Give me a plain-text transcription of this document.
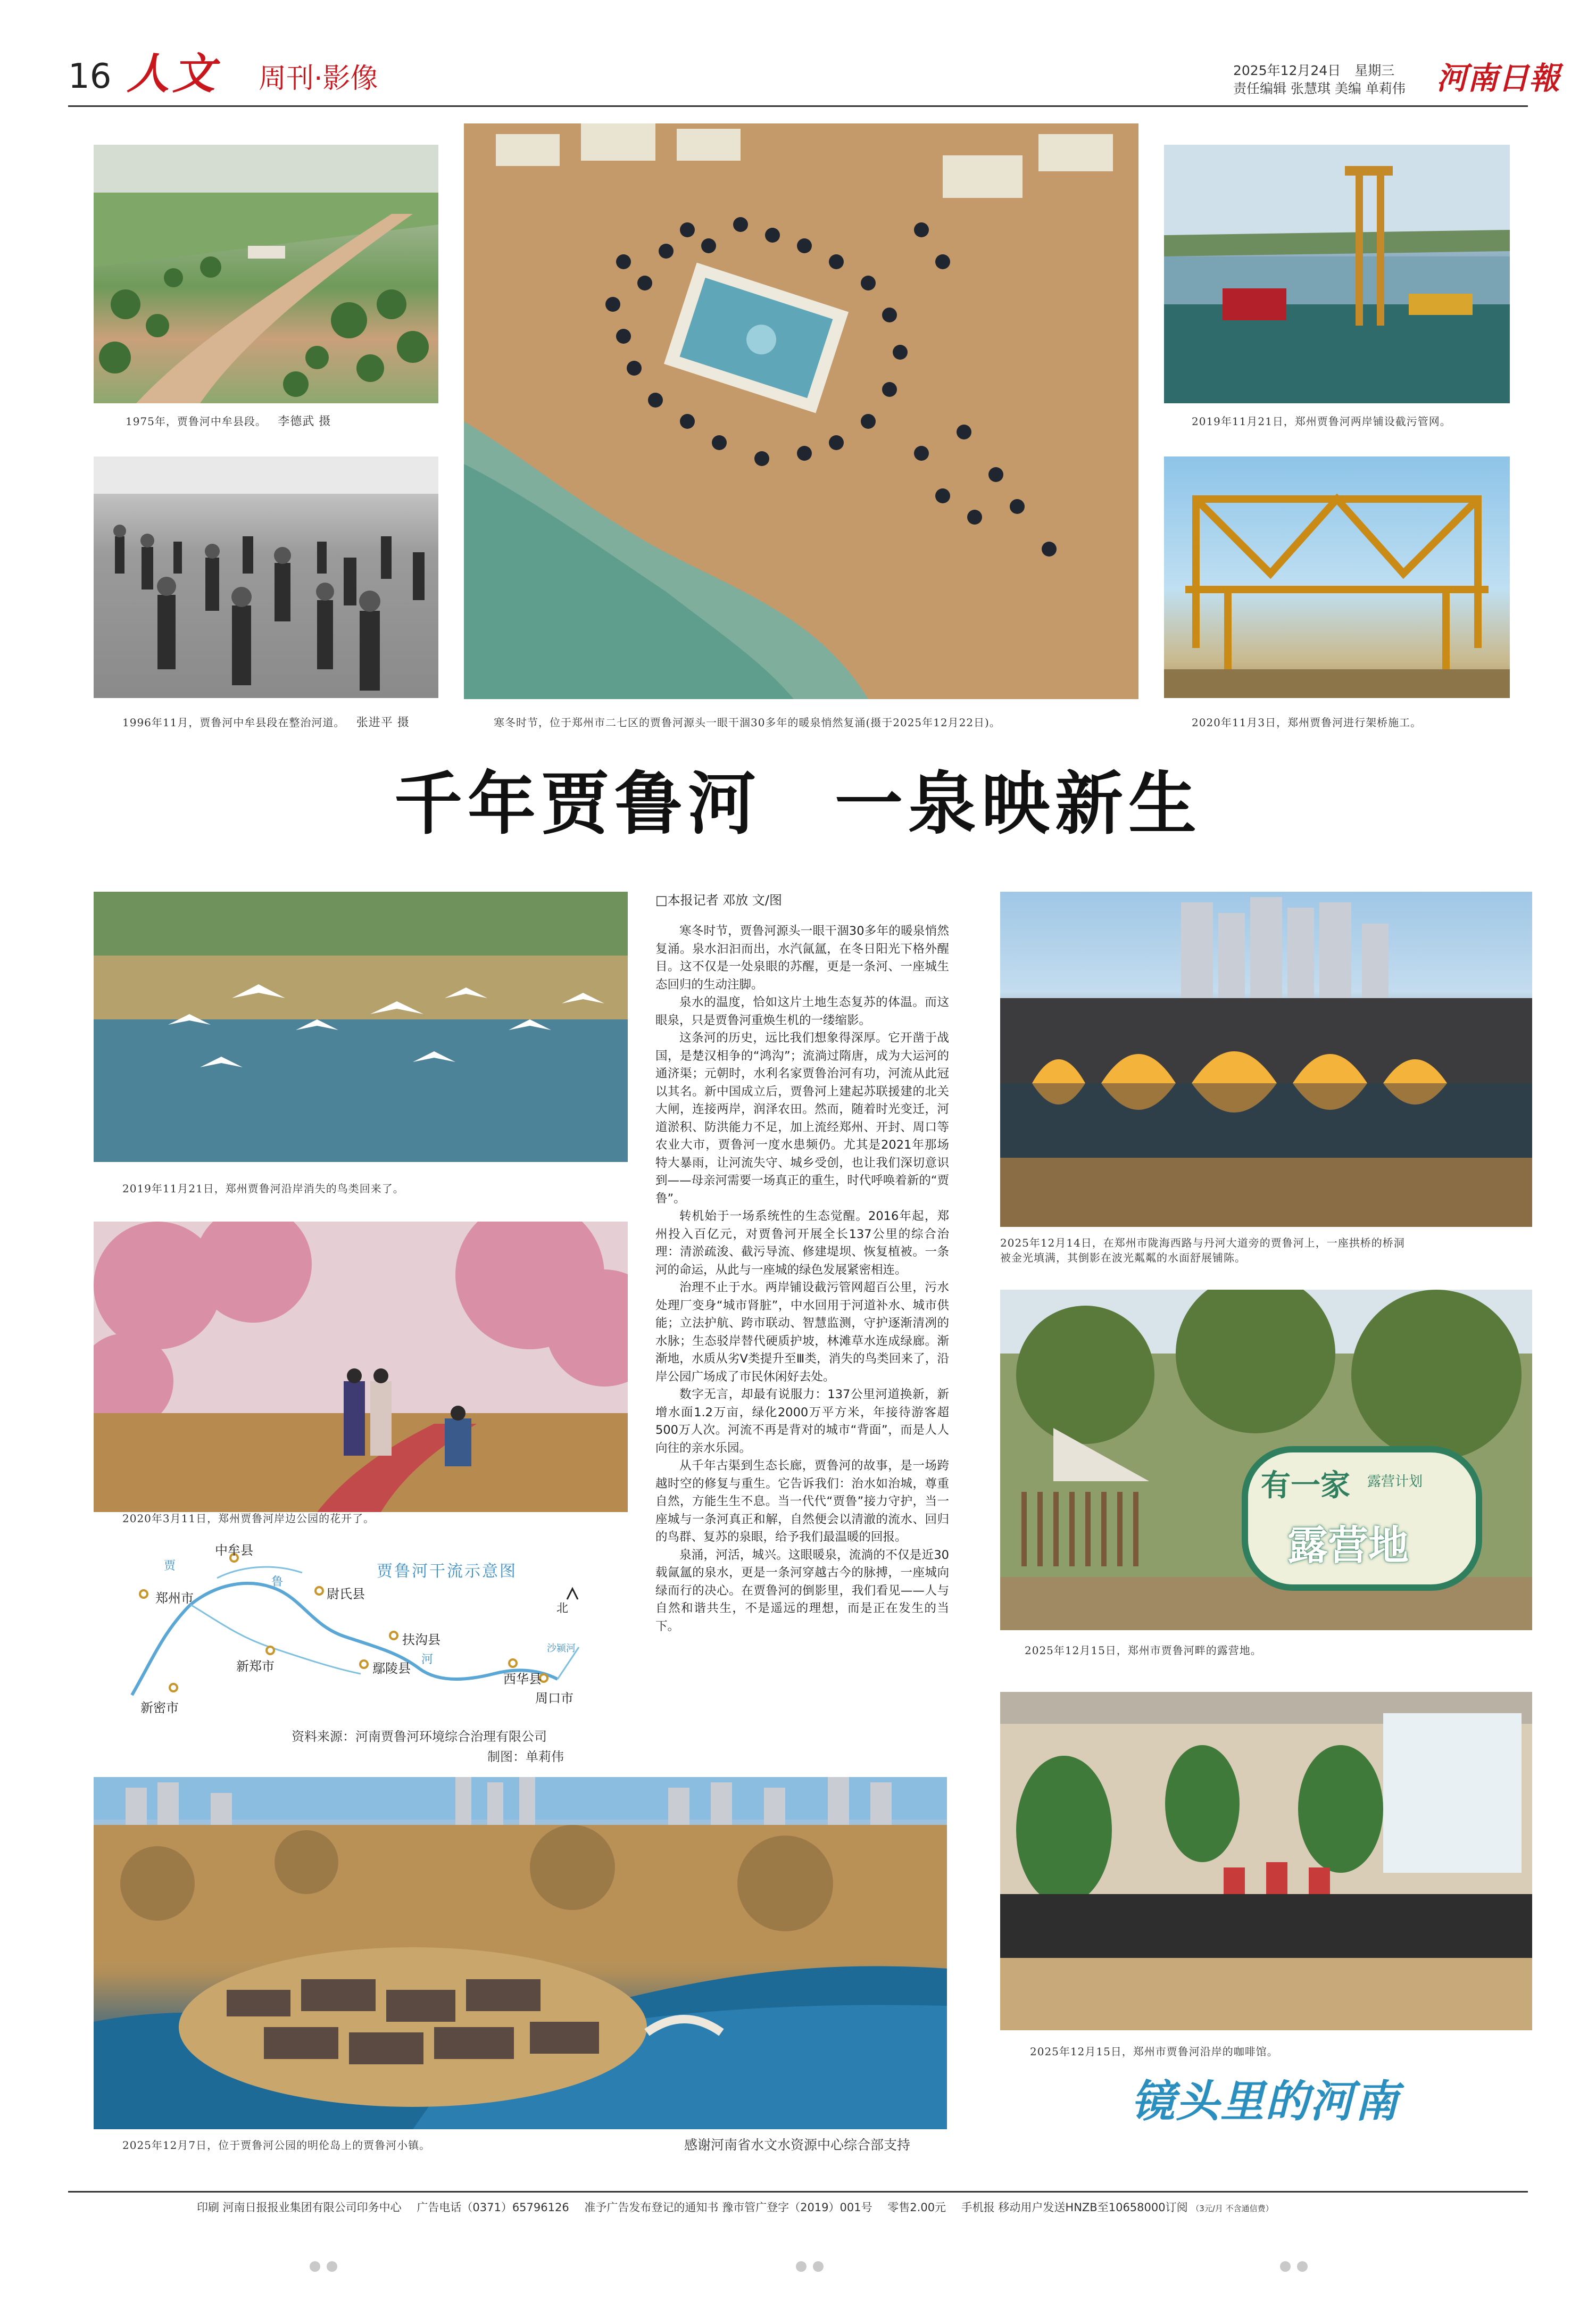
16 人文 周刊·影像	2025年12月24日 星期三
责任编辑 张慧琪 美编 单莉伟 河南日報
1975年，贾鲁河中牟县段。 李德武 摄
1996年11月，贾鲁河中牟县段在整治河道。 张进平 摄	寒冬时节，位于郑州市二七区的贾鲁河源头一眼干涸30多年的暖泉悄然复涌(摄于2025年12月22日)。
2019年11月21日，郑州贾鲁河两岸铺设截污管网。
2020年11月3日，郑州贾鲁河进行架桥施工。
千年贾鲁河　一泉映新生
2019年11月21日，郑州贾鲁河沿岸消失的鸟类回来了。
2020年3月11日，郑州贾鲁河岸边公园的花开了。
贾鲁河干流示意图
贾
鲁
河
郑州市
中牟县
尉氏县
扶沟县
鄢陵县
西华县
周口市
新郑市
新密市
沙颍河
北
资料来源：河南贾鲁河环境综合治理有限公司
制图：单莉伟
□本报记者 邓放 文/图

寒冬时节，贾鲁河源头一眼干涸30多年的暖泉悄然复涌。泉水汩汩而出，水汽氤氲，在冬日阳光下格外醒目。这不仅是一处泉眼的苏醒，更是一条河、一座城生态回归的生动注脚。

泉水的温度，恰如这片土地生态复苏的体温。而这眼泉，只是贾鲁河重焕生机的一缕缩影。

这条河的历史，远比我们想象得深厚。它开凿于战国，是楚汉相争的“鸿沟”；流淌过隋唐，成为大运河的通济渠；元朝时，水利名家贾鲁治河有功，河流从此冠以其名。新中国成立后，贾鲁河上建起苏联援建的北关大闸，连接两岸，润泽农田。然而，随着时光变迁，河道淤积、防洪能力不足，加上流经郑州、开封、周口等农业大市，贾鲁河一度水患频仍。尤其是2021年那场特大暴雨，让河流失守、城乡受创，也让我们深切意识到——母亲河需要一场真正的重生，时代呼唤着新的“贾鲁”。

转机始于一场系统性的生态觉醒。2016年起，郑州投入百亿元，对贾鲁河开展全长137公里的综合治理：清淤疏浚、截污导流、修建堤坝、恢复植被。一条河的命运，从此与一座城的绿色发展紧密相连。

治理不止于水。两岸铺设截污管网超百公里，污水处理厂变身“城市肾脏”，中水回用于河道补水、城市供能；立法护航、跨市联动、智慧监测，守护逐渐清冽的水脉；生态驳岸替代硬质护坡，林滩草水连成绿廊。渐渐地，水质从劣Ⅴ类提升至Ⅲ类，消失的鸟类回来了，沿岸公园广场成了市民休闲好去处。

数字无言，却最有说服力：137公里河道换新，新增水面1.2万亩，绿化2000万平方米，年接待游客超500万人次。河流不再是背对的城市“背面”，而是人人向往的亲水乐园。

从千年古渠到生态长廊，贾鲁河的故事，是一场跨越时空的修复与重生。它告诉我们：治水如治城，尊重自然，方能生生不息。当一代代“贾鲁”接力守护，当一座城与一条河真正和解，自然便会以清澈的流水、回归的鸟群、复苏的泉眼，给予我们最温暖的回报。

泉涌，河活，城兴。这眼暖泉，流淌的不仅是近30载氤氲的泉水，更是一条河穿越古今的脉搏，一座城向绿而行的决心。在贾鲁河的倒影里，我们看见——人与自然和谐共生，不是遥远的理想，而是正在发生的当下。

2025年12月14日，在郑州市陇海西路与丹河大道旁的贾鲁河上，一座拱桥的桥洞
被金光填满，其倒影在波光粼粼的水面舒展铺陈。
有一家 露营计划
露营地
2025年12月15日，郑州市贾鲁河畔的露营地。
2025年12月15日，郑州市贾鲁河沿岸的咖啡馆。
2025年12月7日，位于贾鲁河公园的明伦岛上的贾鲁河小镇。	感谢河南省水文水资源中心综合部支持
镜头里的河南
印刷 河南日报报业集团有限公司印务中心 广告电话（0371）65796126 准予广告发布登记的通知书 豫市管广登字（2019）001号 零售2.00元 手机报 移动用户发送HNZB至10658000订阅 （3元/月 不含通信费）
